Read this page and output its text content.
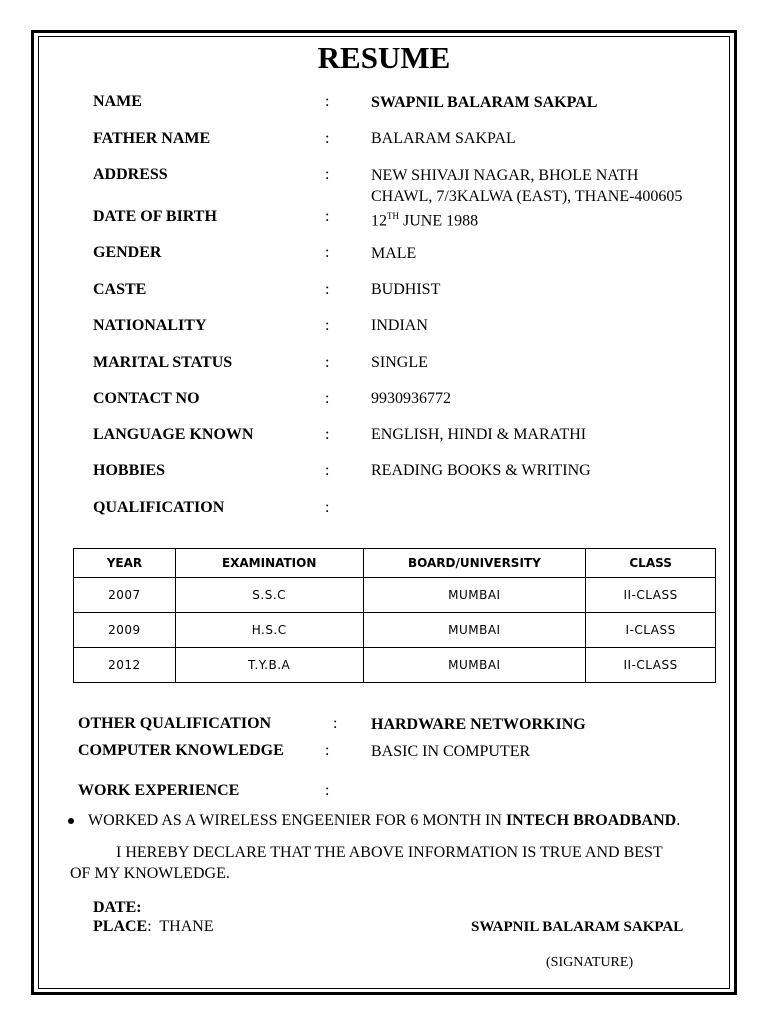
RESUME
NAME	:	SWAPNIL BALARAM SAKPAL
FATHER NAME	:	BALARAM SAKPAL
ADDRESS	:	NEW SHIVAJI NAGAR, BHOLE NATH
CHAWL, 7/3KALWA (EAST), THANE-400605
DATE OF BIRTH	:	12TH JUNE 1988
GENDER	:	MALE
CASTE	:	BUDHIST
NATIONALITY	:	INDIAN
MARITAL STATUS	:	SINGLE
CONTACT NO	:	9930936772
LANGUAGE KNOWN	:	ENGLISH, HINDI & MARATHI
HOBBIES	:	READING BOOKS & WRITING
QUALIFICATION	:
YEAR	EXAMINATION	BOARD/UNIVERSITY	CLASS
2007	S.S.C	MUMBAI	II-CLASS
2009	H.S.C	MUMBAI	I-CLASS
2012	T.Y.B.A	MUMBAI	II-CLASS
OTHER QUALIFICATION	: HARDWARE NETWORKING
COMPUTER KNOWLEDGE	:	BASIC IN COMPUTER
WORK EXPERIENCE	:
WORKED AS A WIRELESS ENGEENIER FOR 6 MONTH IN INTECH BROADBAND.
I HEREBY DECLARE THAT THE ABOVE INFORMATION IS TRUE AND BEST
OF MY KNOWLEDGE.
DATE:
PLACE: THANE	SWAPNIL BALARAM SAKPAL
(SIGNATURE)
